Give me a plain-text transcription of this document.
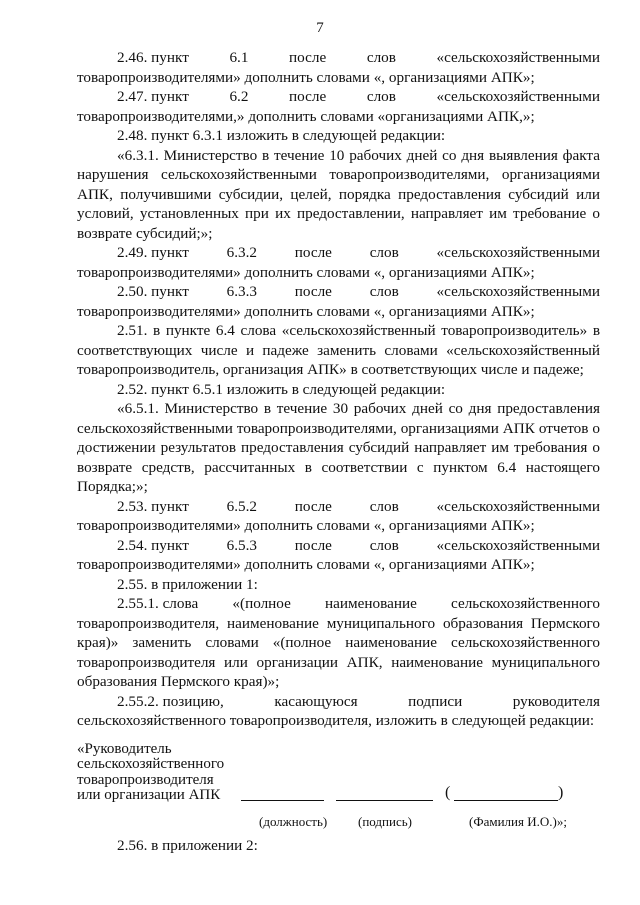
7
2.46. пункт	6.1	после	слов	«сельскохозяйственными

товаропроизводителями» дополнить словами «, организациями АПК»;

2.47. пункт	6.2	после	слов	«сельскохозяйственными

товаропроизводителями,» дополнить словами «организациями АПК,»;

2.48. пункт 6.3.1 изложить в следующей редакции:

«6.3.1. Министерство в течение 10 рабочих дней со дня выявления факта нарушения сельскохозяйственными товаропроизводителями, организациями АПК, получившими субсидии, целей, порядка предоставления субсидий или условий, установленных при их предоставлении, направляет им требование о возврате субсидий;»;

2.49. пункт 6.3.2 после слов «сельскохозяйственными

товаропроизводителями» дополнить словами «, организациями АПК»;

2.50. пункт 6.3.3 после слов «сельскохозяйственными

товаропроизводителями» дополнить словами «, организациями АПК»;

2.51. в пункте 6.4 слова «сельскохозяйственный товаропроизводитель» в соответствующих числе и падеже заменить словами «сельскохозяйственный товаропроизводитель, организация АПК» в соответствующих числе и падеже;

2.52. пункт 6.5.1 изложить в следующей редакции:

«6.5.1. Министерство в течение 30 рабочих дней со дня предоставления сельскохозяйственными товаропроизводителями, организациями АПК отчетов о достижении результатов предоставления субсидий направляет им требования о возврате средств, рассчитанных в соответствии с пунктом 6.4 настоящего Порядка;»;

2.53. пункт 6.5.2 после слов «сельскохозяйственными

товаропроизводителями» дополнить словами «, организациями АПК»;

2.54. пункт 6.5.3 после слов «сельскохозяйственными

товаропроизводителями» дополнить словами «, организациями АПК»;

2.55. в приложении 1:

2.55.1. слова «(полное наименование сельскохозяйственного

товаропроизводителя, наименование муниципального образования Пермского края)» заменить словами «(полное наименование сельскохозяйственного товаропроизводителя или организации АПК, наименование муниципального образования Пермского края)»;

2.55.2. позицию,	касающуюся	подписи	руководителя

сельскохозяйственного товаропроизводителя, изложить в следующей редакции:

«Руководитель
сельскохозяйственного
товаропроизводителя
или организации АПК	(	)
(должность) (подпись)	(Фамилия И.О.)»;

2.56. в приложении 2:
